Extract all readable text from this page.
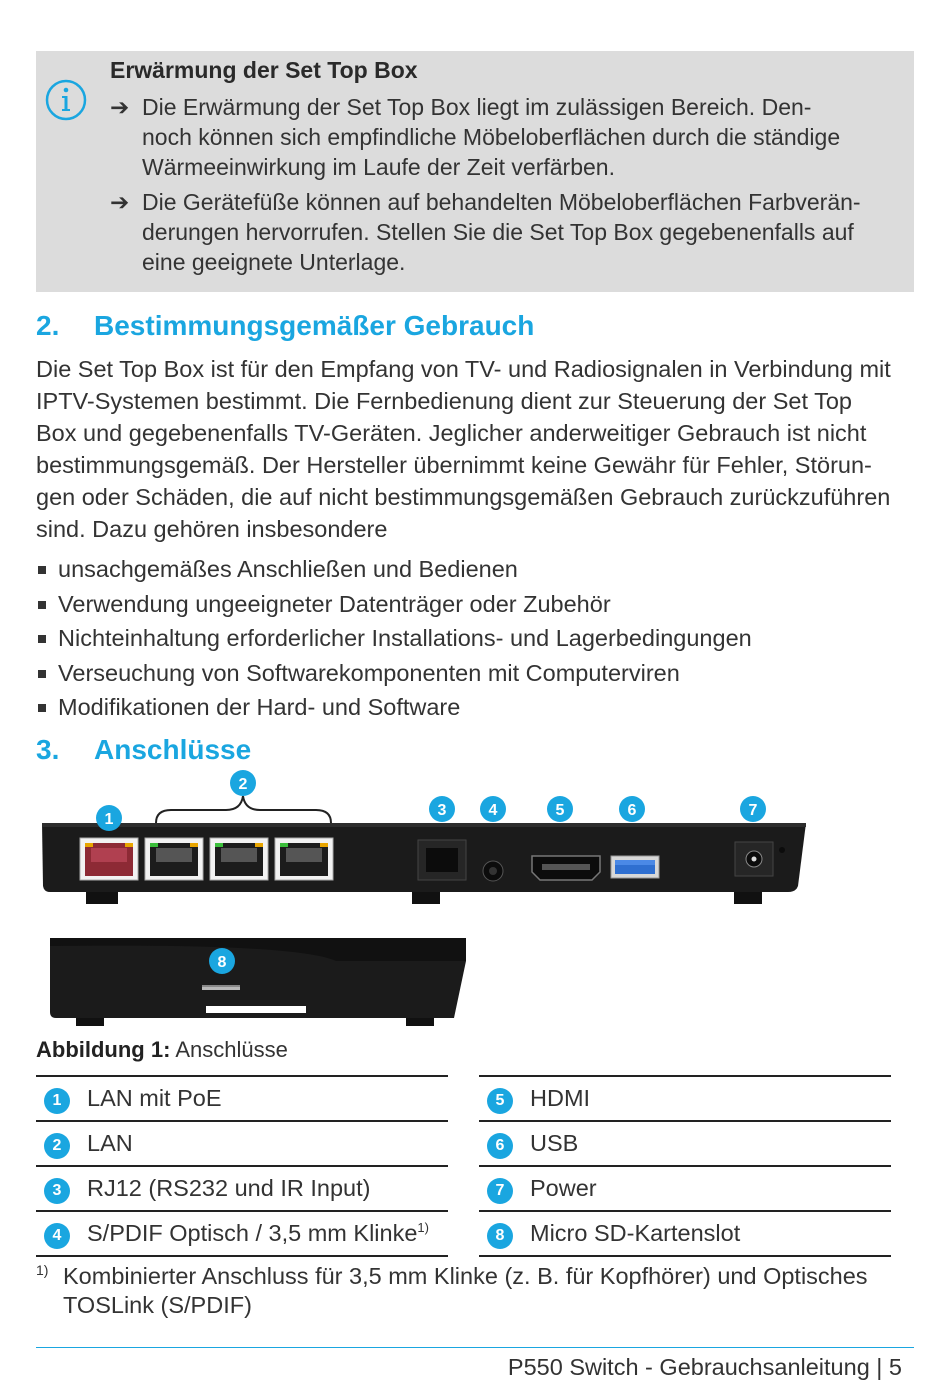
Erwärmung der Set Top Box
➔ Die Erwärmung der Set Top Box liegt im zulässigen Bereich. Den-
noch können sich empfindliche Möbeloberflächen durch die ständige
Wärmeeinwirkung im Laufe der Zeit verfärben.
➔ Die Gerätefüße können auf behandelten Möbeloberflächen Farbverän-
derungen hervorrufen. Stellen Sie die Set Top Box gegebenenfalls auf
eine geeignete Unterlage.
2. Bestimmungsgemäßer Gebrauch
Die Set Top Box ist für den Empfang von TV- und Radiosignalen in Verbindung mit
IPTV-Systemen bestimmt. Die Fernbedienung dient zur Steuerung der Set Top
Box und gegebenenfalls TV-Geräten. Jeglicher anderweitiger Gebrauch ist nicht
bestimmungsgemäß. Der Hersteller übernimmt keine Gewähr für Fehler, Störun-
gen oder Schäden, die auf nicht bestimmungsgemäßen Gebrauch zurückzuführen
sind. Dazu gehören insbesondere
unsachgemäßes Anschließen und Bedienen
Verwendung ungeeigneter Datenträger oder Zubehör
Nichteinhaltung erforderlicher Installations- und Lagerbedingungen
Verseuchung von Softwarekomponenten mit Computerviren
Modifikationen der Hard- und Software
3. Anschlüsse
1
2
3	4	5	6	7
8
Abbildung 1: Anschlüsse
1	LAN mit PoE
2	LAN
3	RJ12 (RS232 und IR Input)
4	S/PDIF Optisch / 3,5 mm Klinke$^{1)}$
5	HDMI
6	USB
7	Power
8	Micro SD-Kartenslot
1) Kombinierter Anschluss für 3,5 mm Klinke (z. B. für Kopfhörer) und Optisches
TOSLink (S/PDIF)
P550 Switch - Gebrauchsanleitung | 5
